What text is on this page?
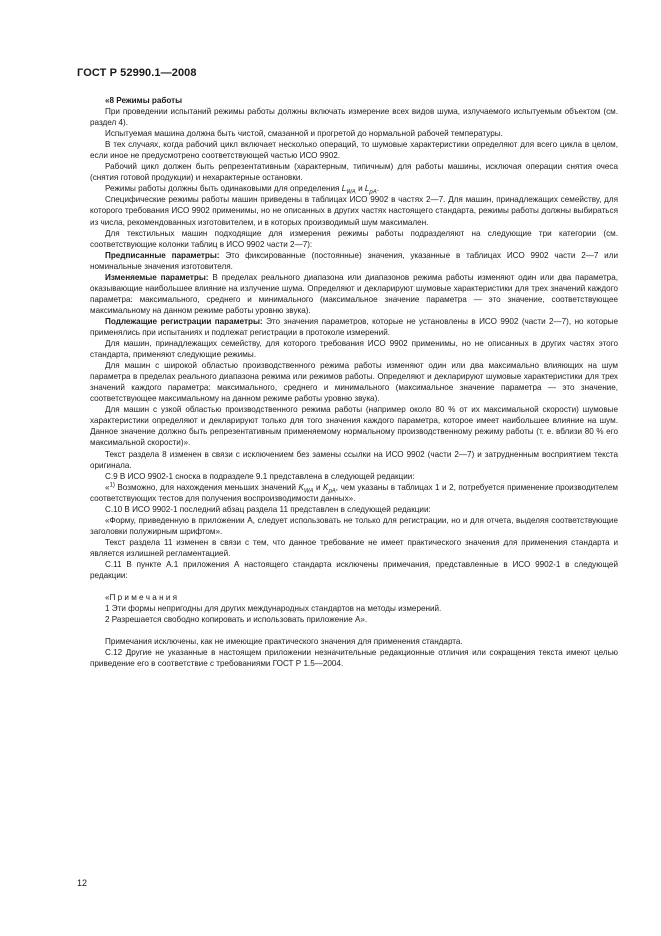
ГОСТ Р 52990.1—2008

«8 Режимы работы

При проведении испытаний режимы работы должны включать измерение всех видов шума, излучаемого испытуемым объектом (см. раздел 4).

Испытуемая машина должна быть чистой, смазанной и прогретой до нормальной рабочей температуры.

В тех случаях, когда рабочий цикл включает несколько операций, то шумовые характеристики определяют для всего цикла в целом, если иное не предусмотрено соответствующей частью ИСО 9902.

Рабочий цикл должен быть репрезентативным (характерным, типичным) для работы машины, исключая операции снятия очеса (снятия готовой продукции) и нехарактерные остановки.

Режимы работы должны быть одинаковыми для определения $L_{WA}$ и $L_{pA}$.

Специфические режимы работы машин приведены в таблицах ИСО 9902 в частях 2—7. Для машин, принадлежащих семейству, для которого требования ИСО 9902 применимы, но не описанных в других частях настоящего стандарта, режимы работы должны выбираться из числа, рекомендованных изготовителем, и в которых производимый шум максимален.

Для текстильных машин подходящие для измерения режимы работы подразделяют на следующие три категории (см. соответствующие колонки таблиц в ИСО 9902 части 2—7):

Предписанные параметры: Это фиксированные (постоянные) значения, указанные в таблицах ИСО 9902 части 2—7 или номинальные значения изготовителя.

Изменяемые параметры: В пределах реального диапазона или диапазонов режима работы изменяют один или два параметра, оказывающие наибольшее влияние на излучение шума. Определяют и декларируют шумовые характеристики для трех значений каждого параметра: максимального, среднего и минимального (максимальное значение параметра — это значение, соответствующее максимальному на данном режиме работы уровню звука).

Подлежащие регистрации параметры: Это значения параметров, которые не установлены в ИСО 9902 (части 2—7), но которые применялись при испытаниях и подлежат регистрации в протоколе измерений.

Для машин, принадлежащих семейству, для которого требования ИСО 9902 применимы, но не описанных в других частях этого стандарта, применяют следующие режимы.

Для машин с широкой областью производственного режима работы изменяют один или два максимально влияющих на шум параметра в пределах реального диапазона режима или режимов работы. Определяют и декларируют шумовые характеристики для трех значений каждого параметра: максимального, среднего и минимального (максимальное значение параметра — это значение, соответствующее максимальному на данном режиме работы уровню звука).

Для машин с узкой областью производственного режима работы (например около 80 % от их максимальной скорости) шумовые характеристики определяют и декларируют только для того значения каждого параметра, которое имеет наибольшее влияние на шум. Данное значение должно быть репрезентативным применяемому нормальному производственному режиму работы (т. е. вблизи 80 % его максимальной скорости)».

Текст раздела 8 изменен в связи с исключением без замены ссылки на ИСО 9902 (части 2—7) и затрудненным восприятием текста оригинала.

С.9 В ИСО 9902-1 сноска в подразделе 9.1 представлена в следующей редакции:

«$^{1)}$ Возможно, для нахождения меньших значений $K_{WA}$ и $K_{pA}$, чем указаны в таблицах 1 и 2, потребуется применение производителем соответствующих тестов для получения воспроизводимости данных».

С.10 В ИСО 9902-1 последний абзац раздела 11 представлен в следующей редакции:

«Форму, приведенную в приложении А, следует использовать не только для регистрации, но и для отчета, выделяя соответствующие заголовки полужирным шрифтом».

Текст раздела 11 изменен в связи с тем, что данное требование не имеет практического значения для применения стандарта и является излишней регламентацией.

С.11 В пункте А.1 приложения А настоящего стандарта исключены примечания, представленные в ИСО 9902-1 в следующей редакции:

«П р и м е ч а н и я

1 Эти формы непригодны для других международных стандартов на методы измерений.

2 Разрешается свободно копировать и использовать приложение А».

Примечания исключены, как не имеющие практического значения для применения стандарта.

С.12 Другие не указанные в настоящем приложении незначительные редакционные отличия или сокращения текста имеют целью приведение его в соответствие с требованиями ГОСТ Р 1.5—2004.

12
